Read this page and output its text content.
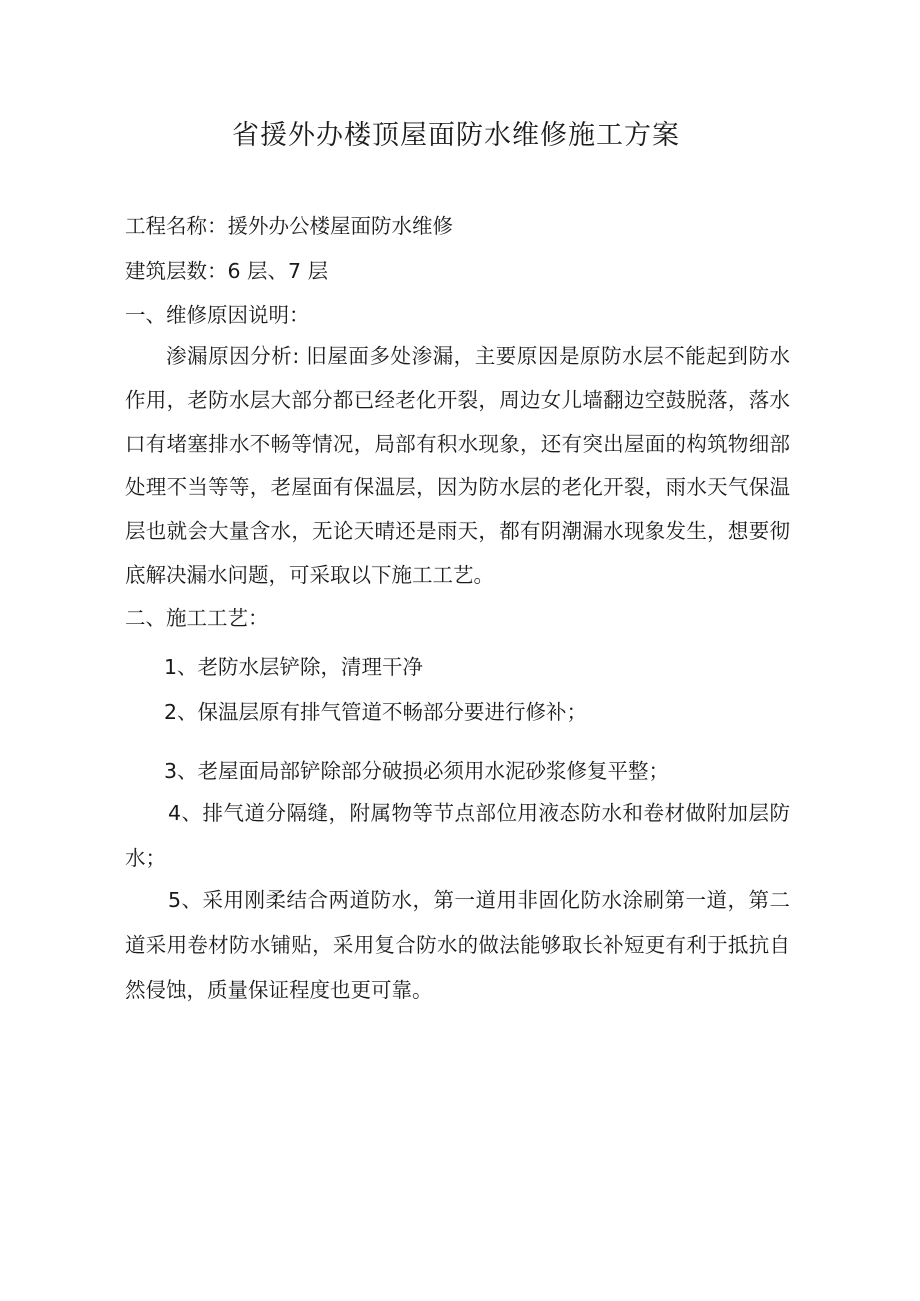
省援外办楼顶屋面防水维修施工方案
工程名称：援外办公楼屋面防水维修
建筑层数：6 层、7 层
一、维修原因说明：
渗漏原因分析: 旧屋面多处渗漏，主要原因是原防水层不能起到防水作用，老防水层大部分都已经老化开裂，周边女儿墙翻边空鼓脱落，落水口有堵塞排水不畅等情况，局部有积水现象，还有突出屋面的构筑物细部处理不当等等，老屋面有保温层，因为防水层的老化开裂，雨水天气保温层也就会大量含水，无论天晴还是雨天，都有阴潮漏水现象发生，想要彻底解决漏水问题，可采取以下施工工艺。
二、施工工艺：
1、老防水层铲除，清理干净
2、保温层原有排气管道不畅部分要进行修补；
3、老屋面局部铲除部分破损必须用水泥砂浆修复平整；
4、排气道分隔缝，附属物等节点部位用液态防水和卷材做附加层防水；
5、采用刚柔结合两道防水，第一道用非固化防水涂刷第一道，第二道采用卷材防水铺贴，采用复合防水的做法能够取长补短更有利于抵抗自然侵蚀，质量保证程度也更可靠。
